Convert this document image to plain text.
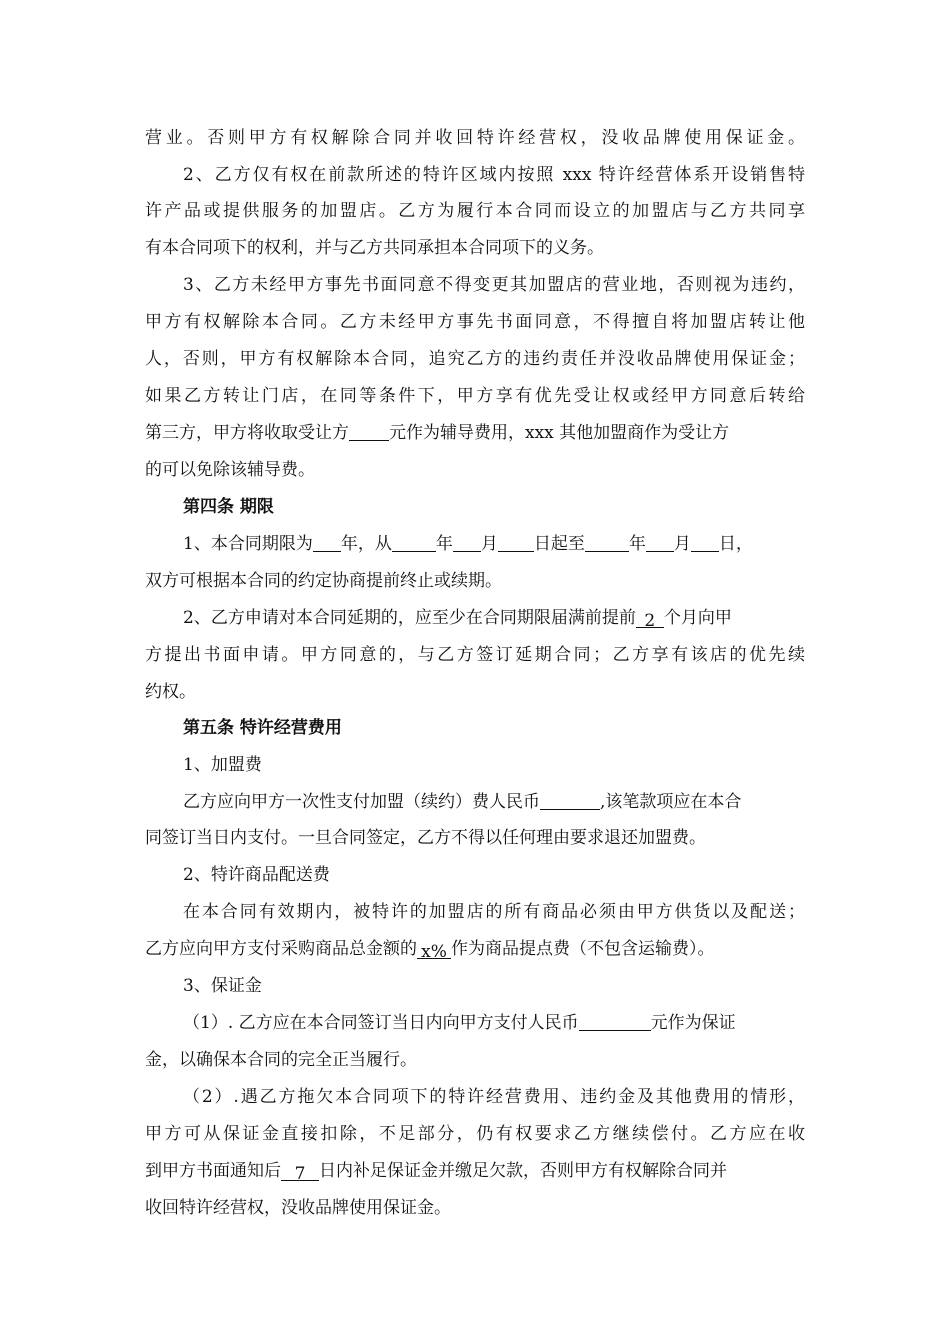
营业。否则甲方有权解除合同并收回特许经营权，没收品牌使用保证金。
2、乙方仅有权在前款所述的特许区域内按照 xxx 特许经营体系开设销售特
许产品或提供服务的加盟店。乙方为履行本合同而设立的加盟店与乙方共同享
有本合同项下的权利，并与乙方共同承担本合同项下的义务。
3、乙方未经甲方事先书面同意不得变更其加盟店的营业地，否则视为违约，
甲方有权解除本合同。乙方未经甲方事先书面同意，不得擅自将加盟店转让他
人，否则，甲方有权解除本合同，追究乙方的违约责任并没收品牌使用保证金；
如果乙方转让门店，在同等条件下，甲方享有优先受让权或经甲方同意后转给
第三方，甲方将收取受让方 元作为辅导费用，xxx 其他加盟商作为受让方
的可以免除该辅导费。
第四条 期限
1、本合同期限为 年，从	年 月 日起至	年 月 日，
双方可根据本合同的约定协商提前终止或续期。
2、乙方申请对本合同延期的，应至少在合同期限届满前提前 2 个月向甲
方提出书面申请。甲方同意的，与乙方签订延期合同；乙方享有该店的优先续
约权。
第五条 特许经营费用
1、加盟费
乙方应向甲方一次性支付加盟（续约）费人民币	,该笔款项应在本合
同签订当日内支付。一旦合同签定，乙方不得以任何理由要求退还加盟费。
2、特许商品配送费
在本合同有效期内，被特许的加盟店的所有商品必须由甲方供货以及配送；
乙方应向甲方支付采购商品总金额的 x% 作为商品提点费（不包含运输费）。
3、保证金
（1）. 乙方应在本合同签订当日内向甲方支付人民币	元作为保证
金，以确保本合同的完全正当履行。
（2）.遇乙方拖欠本合同项下的特许经营费用、违约金及其他费用的情形，
甲方可从保证金直接扣除，不足部分，仍有权要求乙方继续偿付。乙方应在收
到甲方书面通知后 7 日内补足保证金并缴足欠款，否则甲方有权解除合同并
收回特许经营权，没收品牌使用保证金。
